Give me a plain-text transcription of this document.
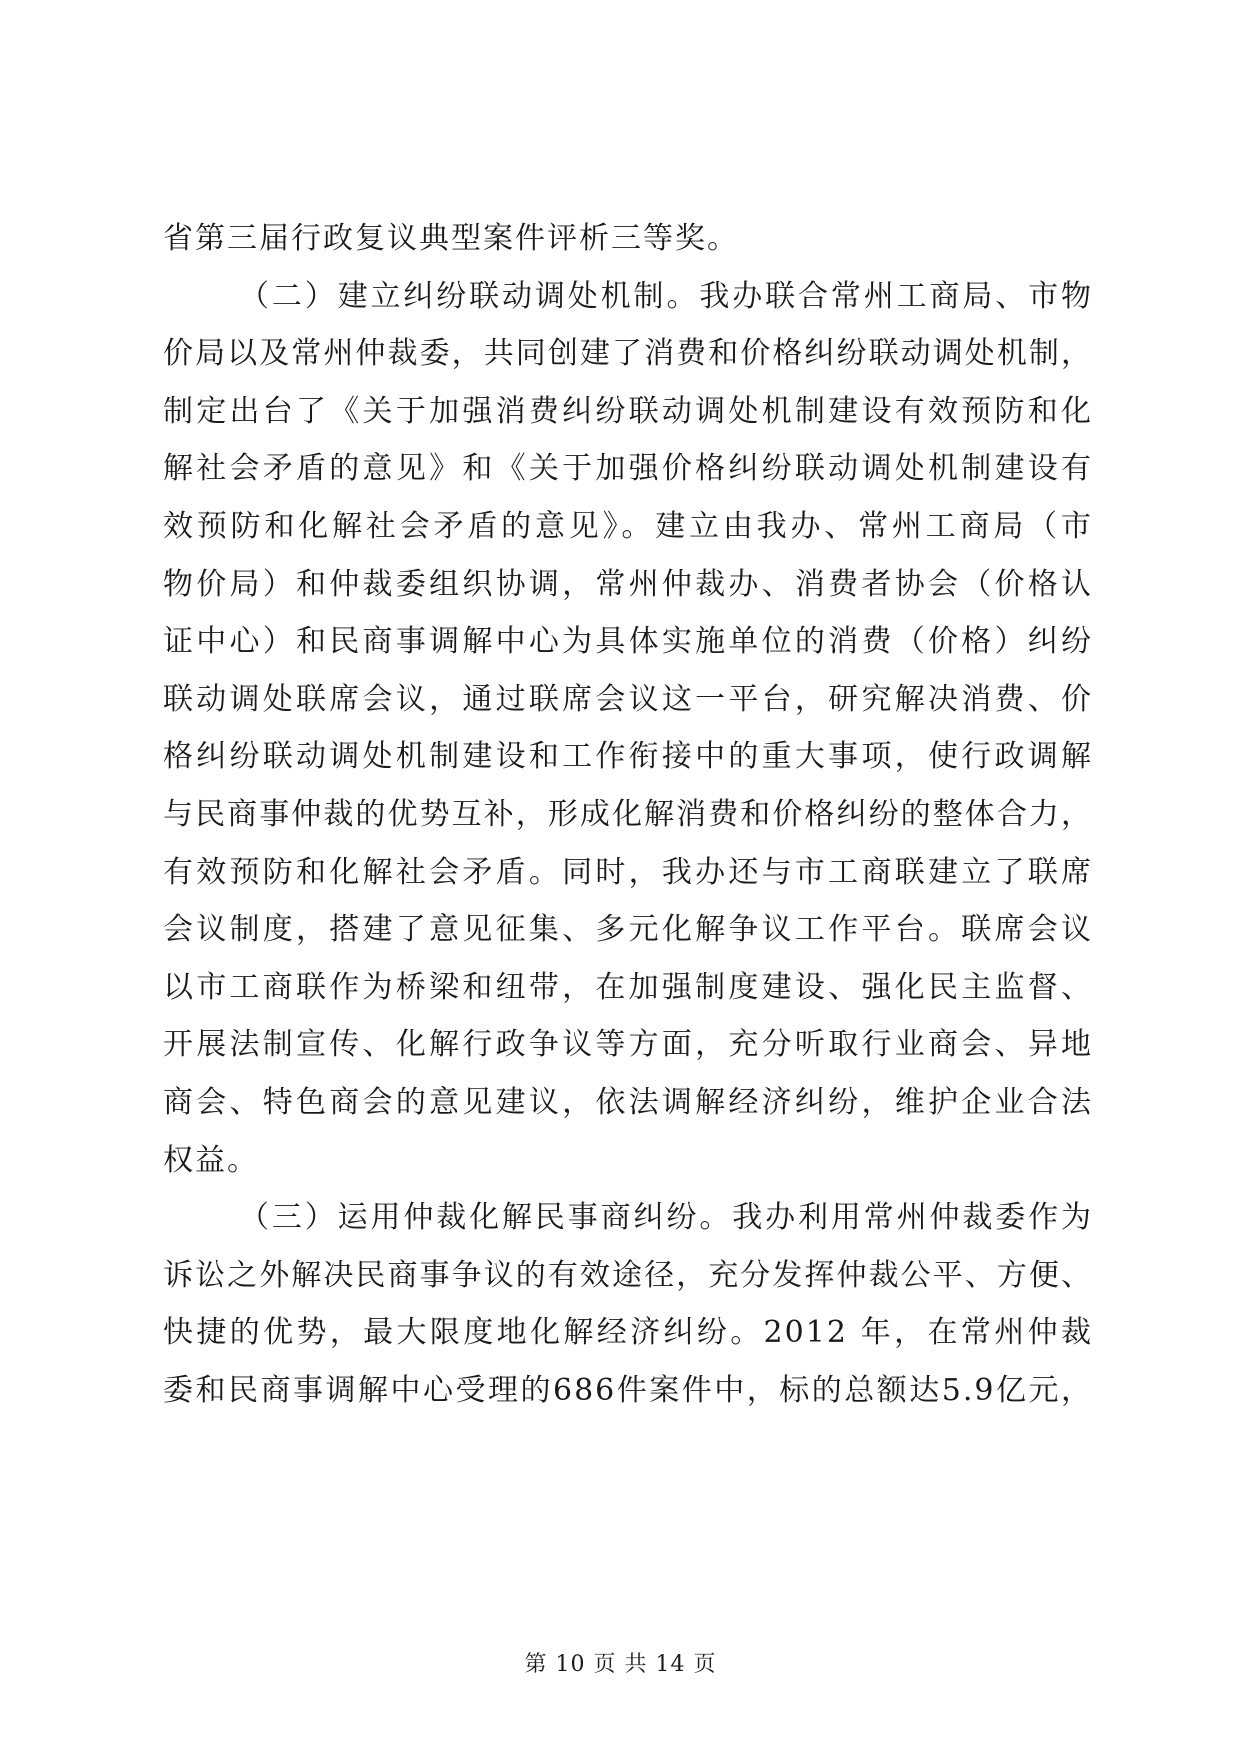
省第三届行政复议典型案件评析三等奖。
（二）建立纠纷联动调处机制。我办联合常州工商局、市物
价局以及常州仲裁委，共同创建了消费和价格纠纷联动调处机制，
制定出台了《关于加强消费纠纷联动调处机制建设有效预防和化
解社会矛盾的意见》和《关于加强价格纠纷联动调处机制建设有
效预防和化解社会矛盾的意见》。建立由我办、常州工商局（市
物价局）和仲裁委组织协调，常州仲裁办、消费者协会（价格认
证中心）和民商事调解中心为具体实施单位的消费（价格）纠纷
联动调处联席会议，通过联席会议这一平台，研究解决消费、价
格纠纷联动调处机制建设和工作衔接中的重大事项，使行政调解
与民商事仲裁的优势互补，形成化解消费和价格纠纷的整体合力，
有效预防和化解社会矛盾。同时，我办还与市工商联建立了联席
会议制度，搭建了意见征集、多元化解争议工作平台。联席会议
以市工商联作为桥梁和纽带，在加强制度建设、强化民主监督、
开展法制宣传、化解行政争议等方面，充分听取行业商会、异地
商会、特色商会的意见建议，依法调解经济纠纷，维护企业合法
权益。
（三）运用仲裁化解民事商纠纷。我办利用常州仲裁委作为
诉讼之外解决民商事争议的有效途径，充分发挥仲裁公平、方便、
快捷的优势，最大限度地化解经济纠纷。2012 年，在常州仲裁
委和民商事调解中心受理的686件案件中，标的总额达5.9亿元，
第 10 页 共 14 页
